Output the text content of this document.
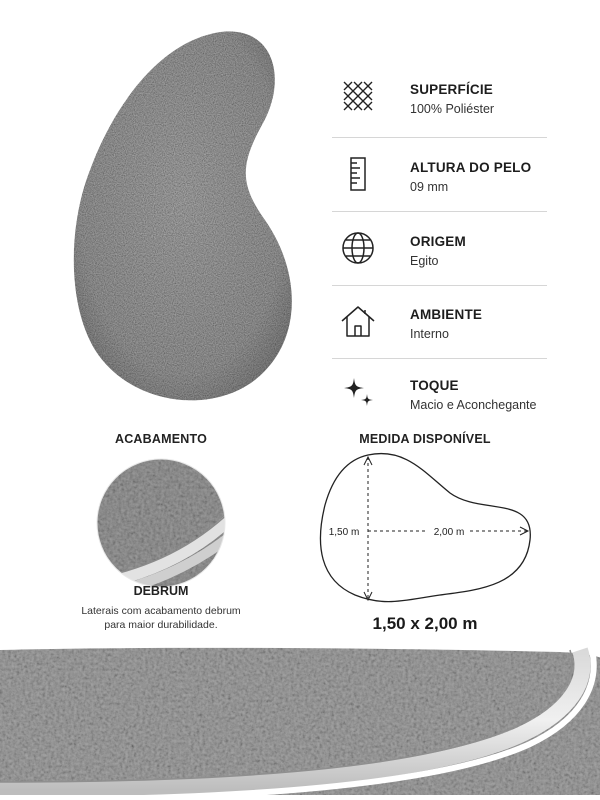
SUPERFÍCIE
100% Poliéster
ALTURA DO PELO
09 mm
ORIGEM
Egito
AMBIENTE
Interno
TOQUE
Macio e Aconchegante
ACABAMENTO
DEBRUM
Laterais com acabamento debrum
para maior durabilidade.
MEDIDA DISPONÍVEL
1,50 m	2,00 m
1,50 x 2,00 m
